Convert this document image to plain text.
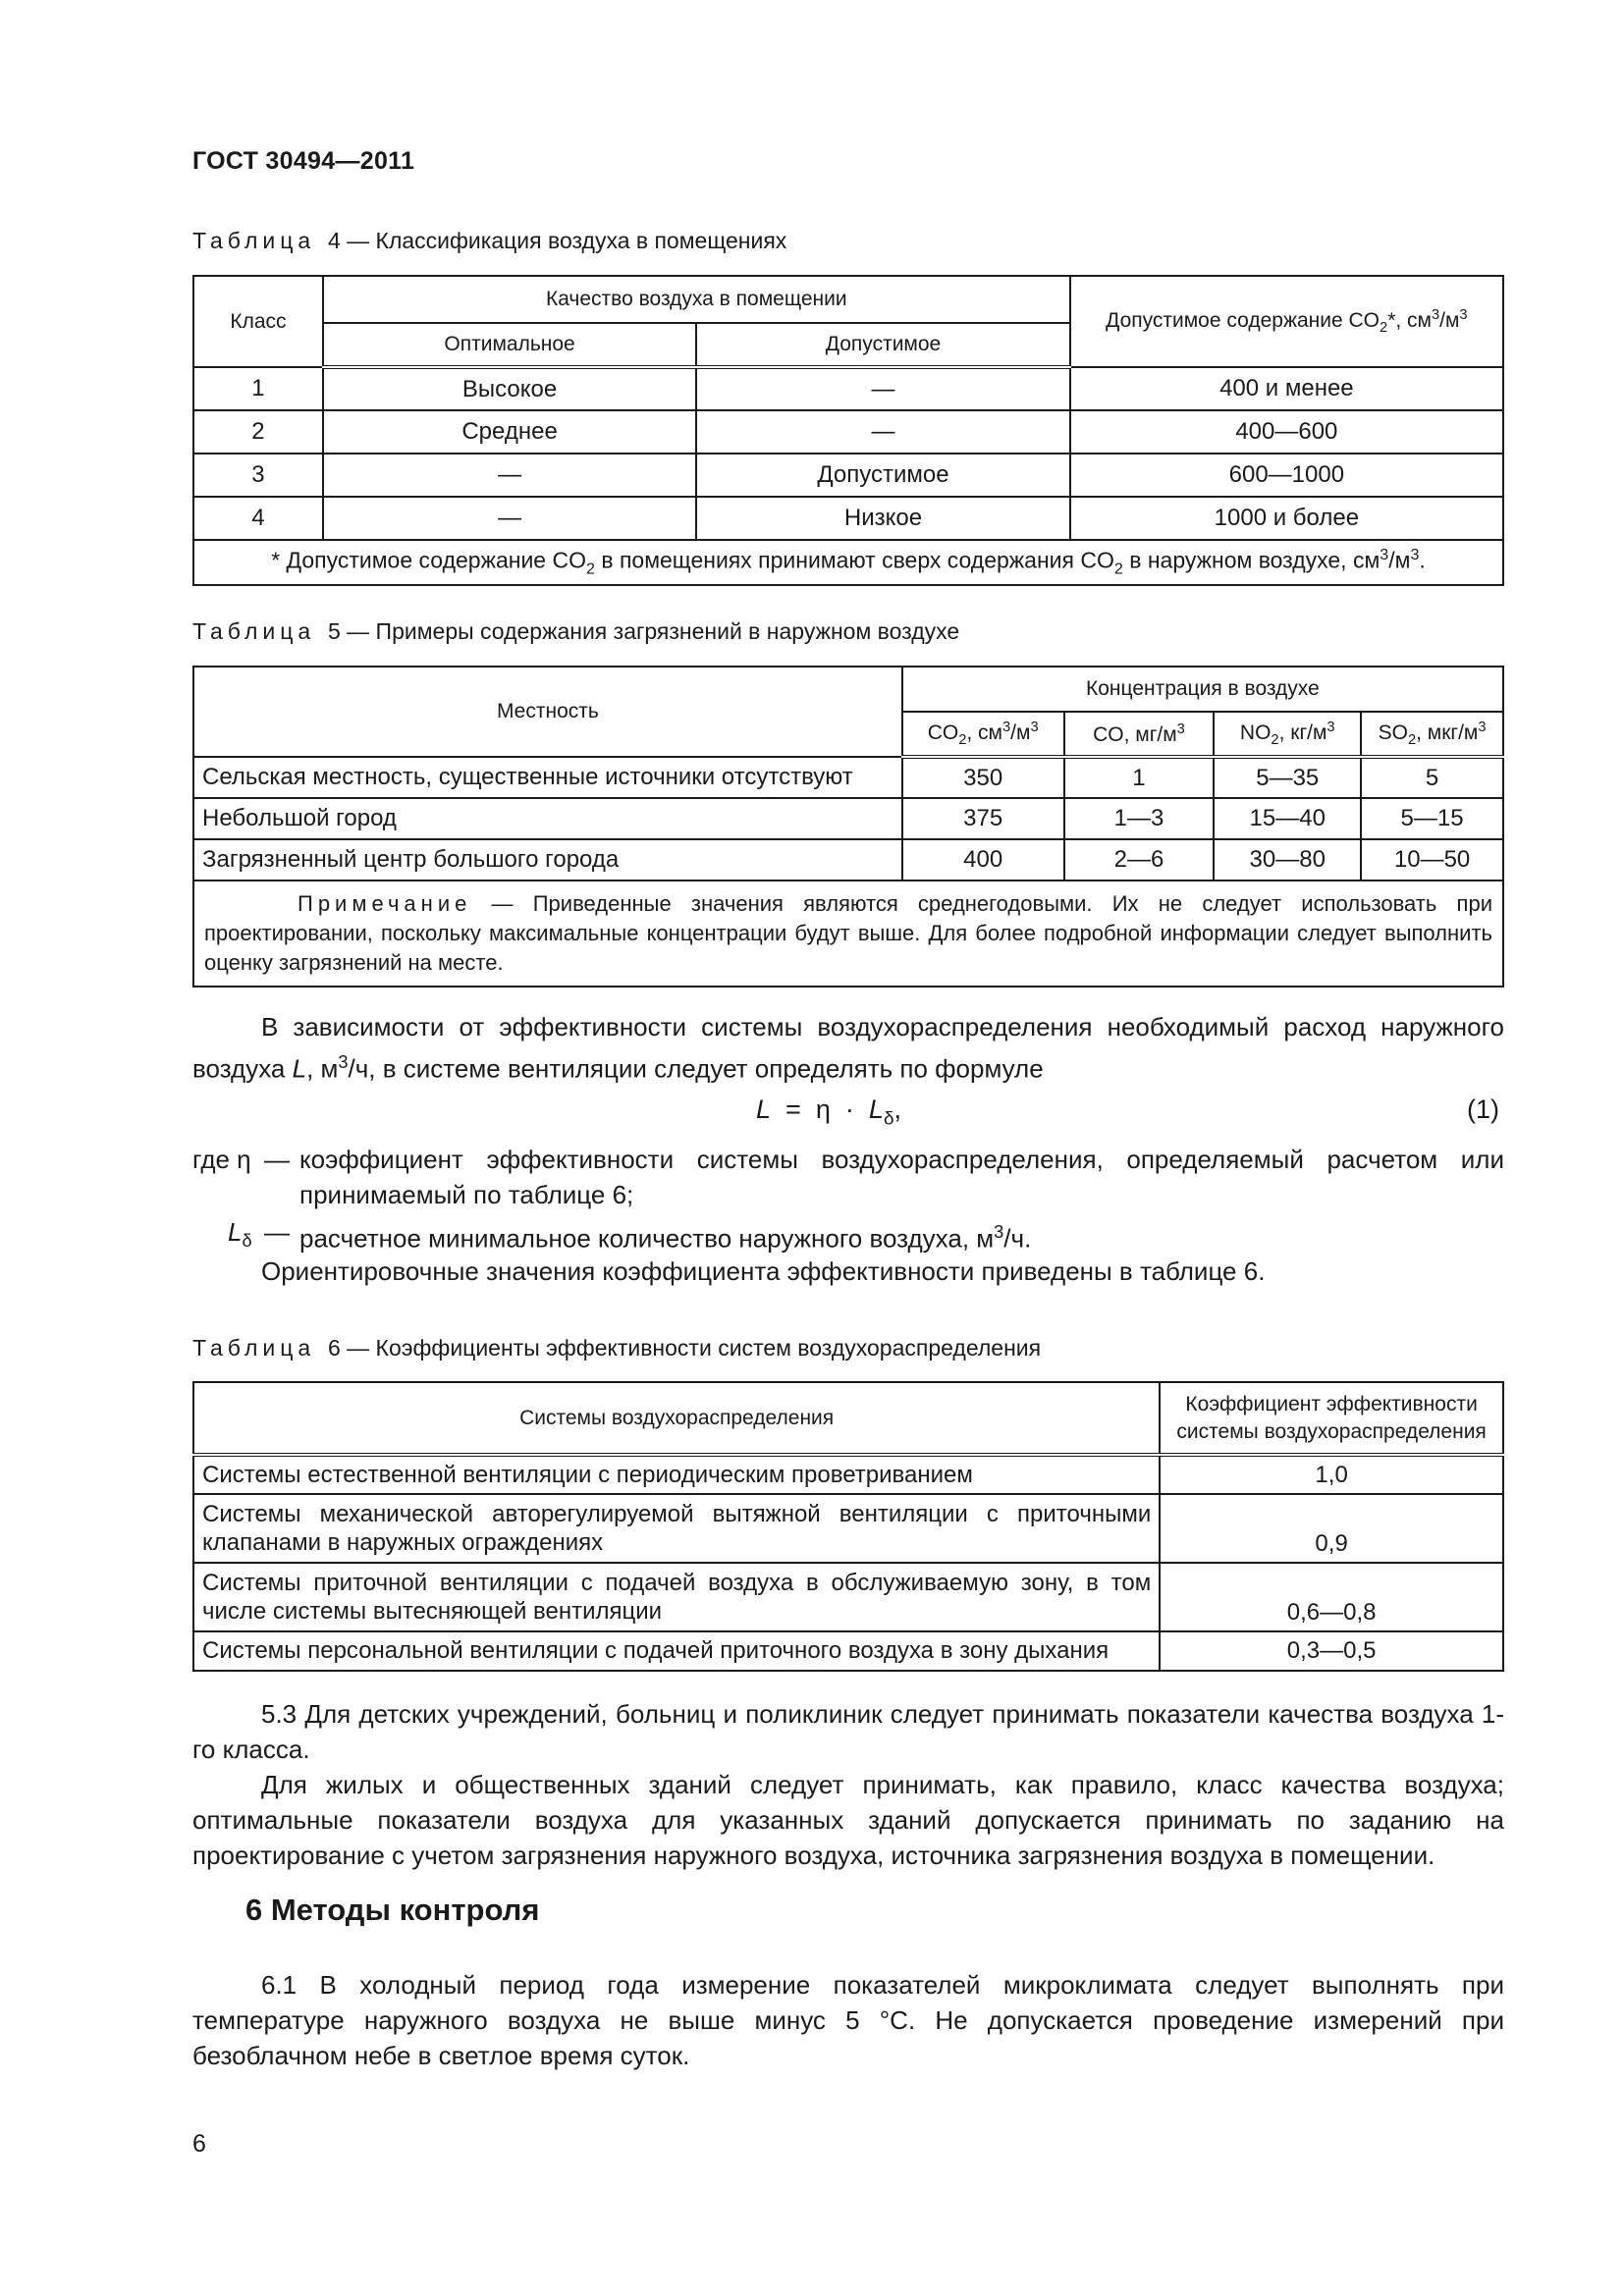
ГОСТ 30494—2011
Таблица 4 — Классификация воздуха в помещениях
Класс	Качество воздуха в помещении		Допустимое содержание $CO_2*$, $см^3/м^3$
	Оптимальное	Допустимое	
1	Высокое	—	400 и менее
2	Среднее	—	400—600
3	—	Допустимое	600—1000
4	—	Низкое	1000 и более
* Допустимое содержание $CO_2$ в помещениях принимают сверх содержания $CO_2$ в наружном воздухе, $см^3/м^3$.			
Таблица 5 — Примеры содержания загрязнений в наружном воздухе
Местность	Концентрация в воздухе			
	$CO_2$, $см^3/м^3$	CO, $мг/м^3$	$NO_2$, $кг/м^3$	$SO_2$, мкг/$м^3$
Сельская местность, существенные источники отсутствуют	350	1	5—35	5
Небольшой город	375	1—3	15—40	5—15
Загрязненный центр большого города	400	2—6	30—80	10—50
Примечание — Приведенные значения являются среднегодовыми. Их не следует использовать при проектировании, поскольку максимальные концентрации будут выше. Для более подробной информации следует выполнить оценку загрязнений на месте.				
В зависимости от эффективности системы воздухораспределения необходимый расход наружного воздуха L, $м^3/ч$, в системе вентиляции следует определять по формуле
$L = \eta \cdot L_\delta$,	(1)
где η — коэффициент эффективности системы воздухораспределения, определяемый расчетом или принимаемый по таблице 6;
$L_\delta$ — расчетное минимальное количество наружного воздуха, $м^3/ч$.
Ориентировочные значения коэффициента эффективности приведены в таблице 6.
Таблица 6 — Коэффициенты эффективности систем воздухораспределения
Системы воздухораспределения	Коэффициент эффективности системы воздухораспределения
Системы естественной вентиляции с периодическим проветриванием	1,0
Системы механической авторегулируемой вытяжной вентиляции с приточными клапанами в наружных ограждениях	0,9
Системы приточной вентиляции с подачей воздуха в обслуживаемую зону, в том числе системы вытесняющей вентиляции	0,6—0,8
Системы персональной вентиляции с подачей приточного воздуха в зону дыхания	0,3—0,5
5.3 Для детских учреждений, больниц и поликлиник следует принимать показатели качества воздуха 1-го класса.
Для жилых и общественных зданий следует принимать, как правило, класс качества воздуха; оптимальные показатели воздуха для указанных зданий допускается принимать по заданию на проектирование с учетом загрязнения наружного воздуха, источника загрязнения воздуха в помещении.
6 Методы контроля
6.1 В холодный период года измерение показателей микроклимата следует выполнять при температуре наружного воздуха не выше минус 5 °С. Не допускается проведение измерений при безоблачном небе в светлое время суток.
6
